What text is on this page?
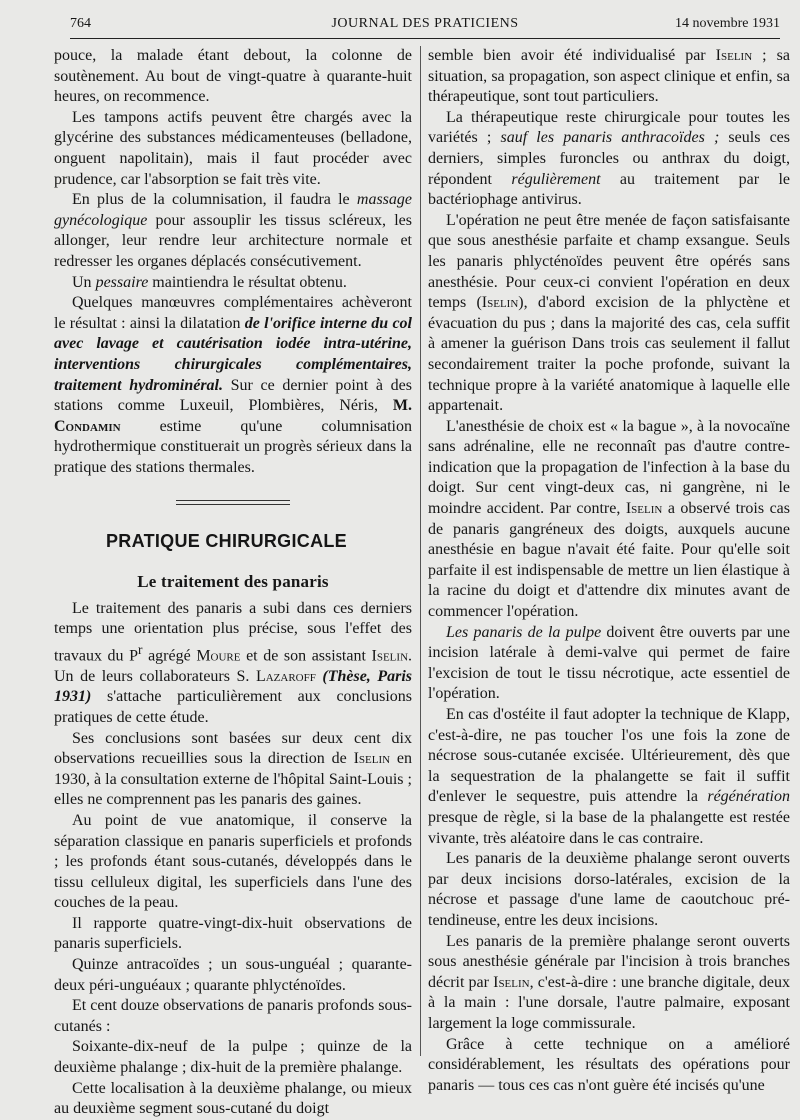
764	JOURNAL DES PRATICIENS	14 novembre 1931

pouce, la malade étant debout, la colonne de soutènement. Au bout de vingt-quatre à quarante-huit heures, on recommence.

Les tampons actifs peuvent être chargés avec la glycérine des substances médicamenteuses (belladone, onguent napolitain), mais il faut procéder avec prudence, car l'absorption se fait très vite.

En plus de la columnisation, il faudra le massage gynécologique pour assouplir les tissus scléreux, les allonger, leur rendre leur architecture normale et redresser les organes déplacés consécutivement.

Un pessaire maintiendra le résultat obtenu.

Quelques manœuvres complémentaires achèveront le résultat : ainsi la dilatation de l'orifice interne du col avec lavage et cautérisation iodée intra-utérine, interventions chirurgicales complémentaires, traitement hydrominéral. Sur ce dernier point à des stations comme Luxeuil, Plombières, Néris, M. Condamin estime qu'une columnisation hydrothermique constituerait un progrès sérieux dans la pratique des stations thermales.

PRATIQUE CHIRURGICALE
Le traitement des panaris

Le traitement des panaris a subi dans ces derniers temps une orientation plus précise, sous l'effet des travaux du $P^r$ agrégé Moure et de son assistant Iselin. Un de leurs collaborateurs S. Lazaroff (Thèse, Paris 1931) s'attache particulièrement aux conclusions pratiques de cette étude.

Ses conclusions sont basées sur deux cent dix observations recueillies sous la direction de Iselin en 1930, à la consultation externe de l'hôpital Saint-Louis ; elles ne comprennent pas les panaris des gaines.

Au point de vue anatomique, il conserve la séparation classique en panaris superficiels et profonds ; les profonds étant sous-cutanés, développés dans le tissu celluleux digital, les superficiels dans l'une des couches de la peau.

Il rapporte quatre-vingt-dix-huit observations de panaris superficiels.

Quinze antracoïdes ; un sous-unguéal ; quarante-deux péri-unguéaux ; quarante phlycténoïdes.

Et cent douze observations de panaris profonds sous-cutanés :

Soixante-dix-neuf de la pulpe ; quinze de la deuxième phalange ; dix-huit de la première phalange.

Cette localisation à la deuxième phalange, ou mieux au deuxième segment sous-cutané du doigt

semble bien avoir été individualisé par Iselin ; sa situation, sa propagation, son aspect clinique et enfin, sa thérapeutique, sont tout particuliers.

La thérapeutique reste chirurgicale pour toutes les variétés ; sauf les panaris anthracoïdes ; seuls ces derniers, simples furoncles ou anthrax du doigt, répondent régulièrement au traitement par le bactériophage antivirus.

L'opération ne peut être menée de façon satisfaisante que sous anesthésie parfaite et champ exsangue. Seuls les panaris phlycténoïdes peuvent être opérés sans anesthésie. Pour ceux-ci convient l'opération en deux temps (Iselin), d'abord excision de la phlyctène et évacuation du pus ; dans la majorité des cas, cela suffit à amener la guérison Dans trois cas seulement il fallut secondairement traiter la poche profonde, suivant la technique propre à la variété anatomique à laquelle elle appartenait.

L'anesthésie de choix est « la bague », à la novocaïne sans adrénaline, elle ne reconnaît pas d'autre contre-indication que la propagation de l'infection à la base du doigt. Sur cent vingt-deux cas, ni gangrène, ni le moindre accident. Par contre, Iselin a observé trois cas de panaris gangréneux des doigts, auxquels aucune anesthésie en bague n'avait été faite. Pour qu'elle soit parfaite il est indispensable de mettre un lien élastique à la racine du doigt et d'attendre dix minutes avant de commencer l'opération.

Les panaris de la pulpe doivent être ouverts par une incision latérale à demi-valve qui permet de faire l'excision de tout le tissu nécrotique, acte essentiel de l'opération.

En cas d'ostéite il faut adopter la technique de Klapp, c'est-à-dire, ne pas toucher l'os une fois la zone de nécrose sous-cutanée excisée. Ultérieurement, dès que la sequestration de la phalangette se fait il suffit d'enlever le sequestre, puis attendre la régénération presque de règle, si la base de la phalangette est restée vivante, très aléatoire dans le cas contraire.

Les panaris de la deuxième phalange seront ouverts par deux incisions dorso-latérales, excision de la nécrose et passage d'une lame de caoutchouc pré-tendineuse, entre les deux incisions.

Les panaris de la première phalange seront ouverts sous anesthésie générale par l'incision à trois branches décrit par Iselin, c'est-à-dire : une branche digitale, deux à la main : l'une dorsale, l'autre palmaire, exposant largement la loge commissurale.

Grâce à cette technique on a amélioré considérablement, les résultats des opérations pour panaris — tous ces cas n'ont guère été incisés qu'une
